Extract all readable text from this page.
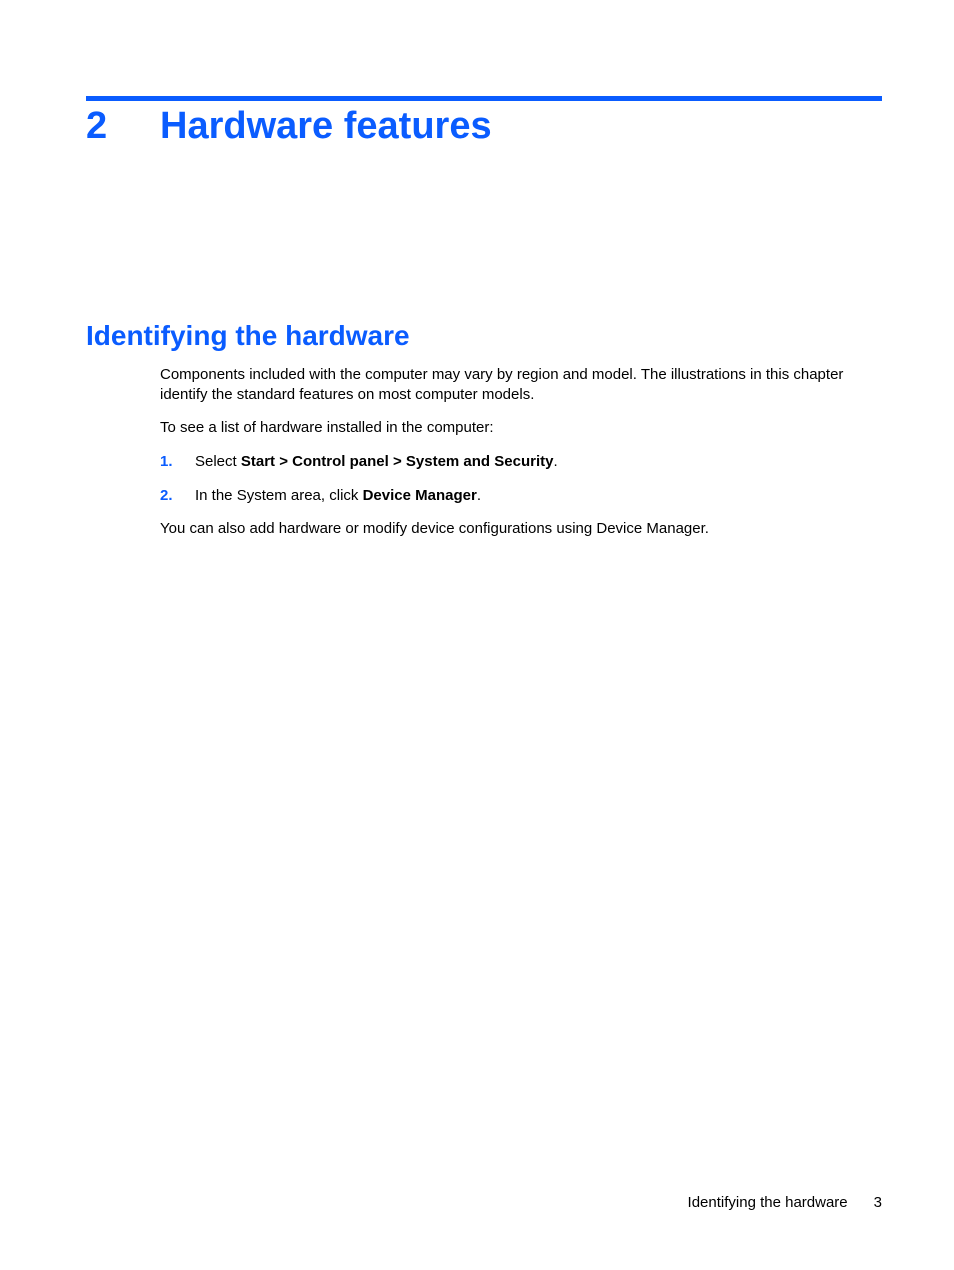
2 Hardware features
Identifying the hardware

Components included with the computer may vary by region and model. The illustrations in this chapter identify the standard features on most computer models.

To see a list of hardware installed in the computer:

1. Select Start > Control panel > System and Security.
2. In the System area, click Device Manager.

You can also add hardware or modify device configurations using Device Manager.

Identifying the hardware 3
